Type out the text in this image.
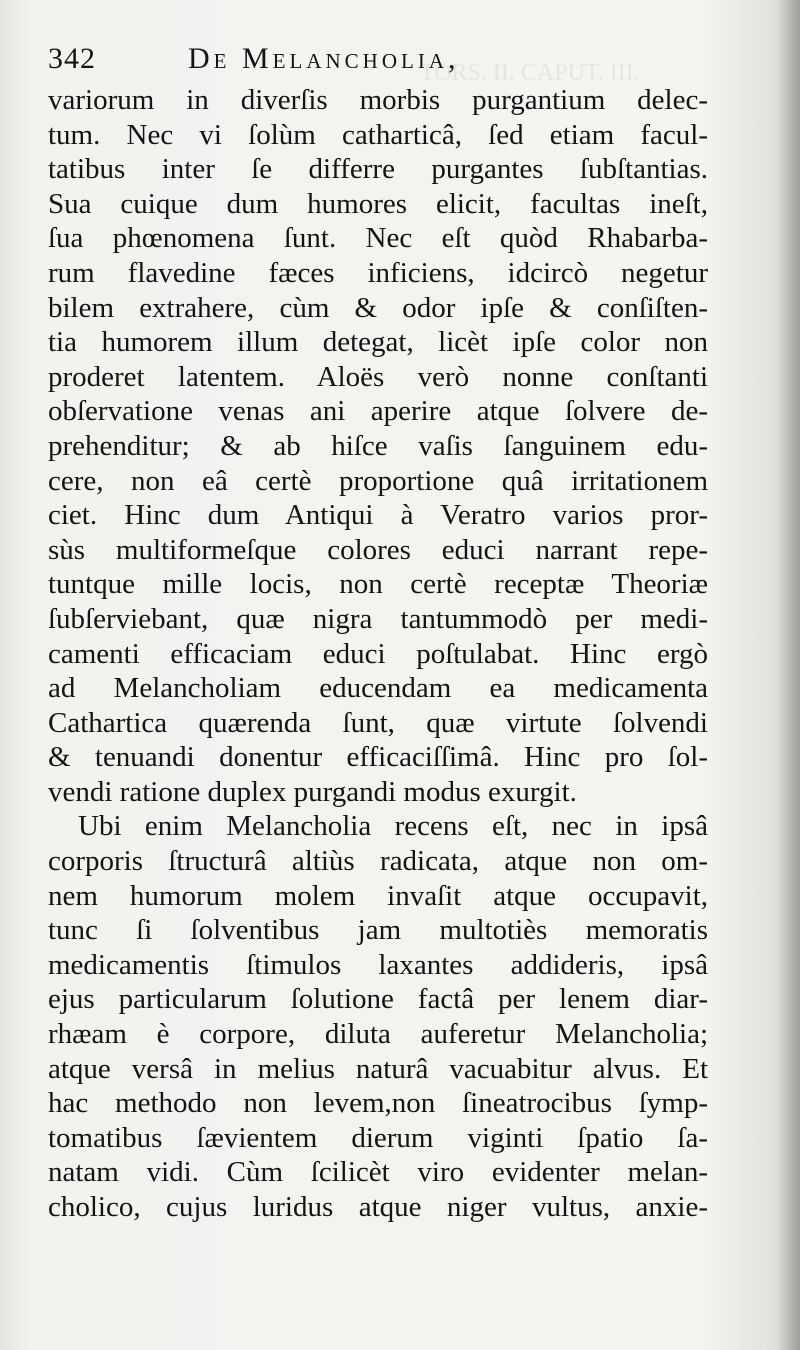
TORS. II. CAPUT. III.
342	De Melancholia,
variorum in diverſis morbis purgantium delec-
tum. Nec vi ſolùm catharticâ, ſed etiam facul-
tatibus inter ſe differre purgantes ſubſtantias.
Sua cuique dum humores elicit, facultas ineſt,
ſua phœnomena ſunt. Nec eſt quòd Rhabarba-
rum flavedine fæces inficiens, idcircò negetur
bilem extrahere, cùm & odor ipſe & conſiſten-
tia humorem illum detegat, licèt ipſe color non
proderet latentem. Aloës verò nonne conſtanti
obſervatione venas ani aperire atque ſolvere de-
prehenditur; & ab hiſce vaſis ſanguinem edu-
cere, non eâ certè proportione quâ irritationem
ciet. Hinc dum Antiqui à Veratro varios pror-
sùs multiformeſque colores educi narrant repe-
tuntque mille locis, non certè receptæ Theoriæ
ſubſerviebant, quæ nigra tantummodò per medi-
camenti efficaciam educi poſtulabat. Hinc ergò
ad Melancholiam educendam ea medicamenta
Cathartica quærenda ſunt, quæ virtute ſolvendi
& tenuandi donentur efficaciſſimâ. Hinc pro ſol-
vendi ratione duplex purgandi modus exurgit.
Ubi enim Melancholia recens eſt, nec in ipsâ
corporis ſtructurâ altiùs radicata, atque non om-
nem humorum molem invaſit atque occupavit,
tunc ſi ſolventibus jam multotiès memoratis
medicamentis ſtimulos laxantes addideris, ipsâ
ejus particularum ſolutione factâ per lenem diar-
rhæam è corpore, diluta auferetur Melancholia;
atque versâ in melius naturâ vacuabitur alvus. Et
hac methodo non levem,non ſineatrocibus ſymp-
tomatibus ſævientem dierum viginti ſpatio ſa-
natam vidi. Cùm ſcilicèt viro evidenter melan-
cholico, cujus luridus atque niger vultus, anxie-
